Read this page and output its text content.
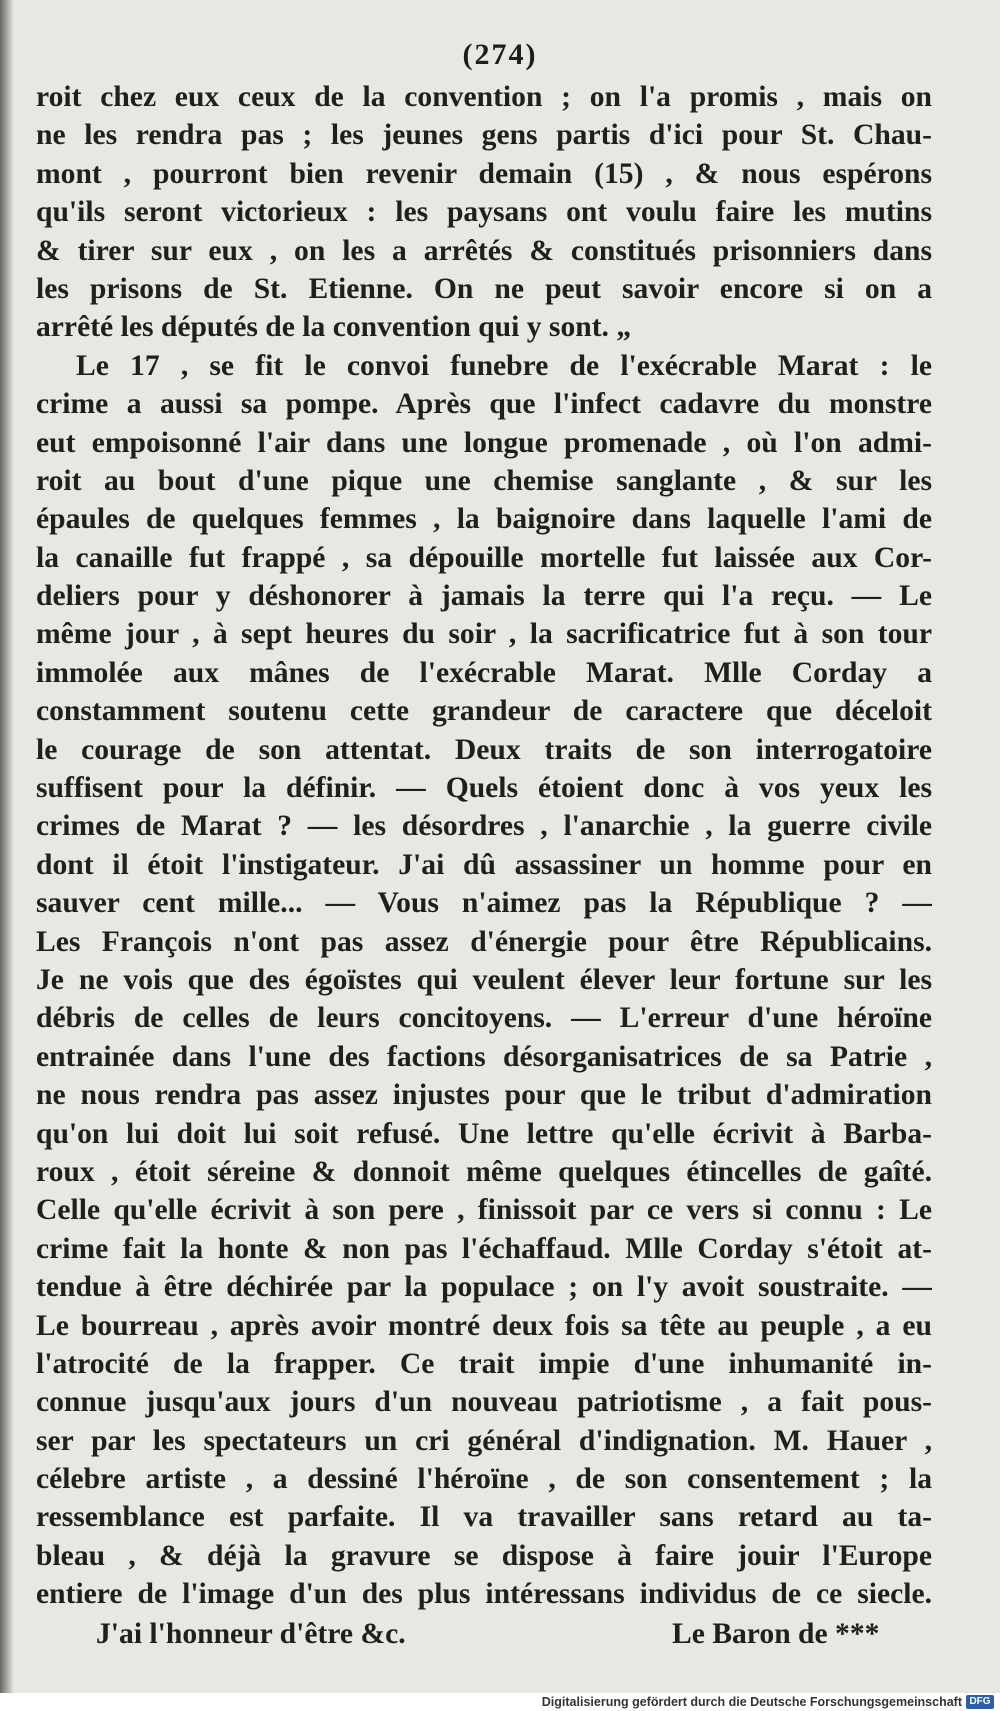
(274)
roit chez eux ceux de la convention ; on l'a promis , mais on
ne les rendra pas ; les jeunes gens partis d'ici pour St. Chau-
mont , pourront bien revenir demain (15) , & nous espérons
qu'ils seront victorieux : les paysans ont voulu faire les mutins
& tirer sur eux , on les a arrêtés & constitués prisonniers dans
les prisons de St. Etienne. On ne peut savoir encore si on a
arrêté les députés de la convention qui y sont. „
Le 17 , se fit le convoi funebre de l'exécrable Marat : le
crime a aussi sa pompe. Après que l'infect cadavre du monstre
eut empoisonné l'air dans une longue promenade , où l'on admi-
roit au bout d'une pique une chemise sanglante , & sur les
épaules de quelques femmes , la baignoire dans laquelle l'ami de
la canaille fut frappé , sa dépouille mortelle fut laissée aux Cor-
deliers pour y déshonorer à jamais la terre qui l'a reçu. — Le
même jour , à sept heures du soir , la sacrificatrice fut à son tour
immolée aux mânes de l'exécrable Marat. Mlle Corday a
constamment soutenu cette grandeur de caractere que déceloit
le courage de son attentat. Deux traits de son interrogatoire
suffisent pour la définir. — Quels étoient donc à vos yeux les
crimes de Marat ? — les désordres , l'anarchie , la guerre civile
dont il étoit l'instigateur. J'ai dû assassiner un homme pour en
sauver cent mille... — Vous n'aimez pas la République ? —
Les François n'ont pas assez d'énergie pour être Républicains.
Je ne vois que des égoïstes qui veulent élever leur fortune sur les
débris de celles de leurs concitoyens. — L'erreur d'une héroïne
entrainée dans l'une des factions désorganisatrices de sa Patrie ,
ne nous rendra pas assez injustes pour que le tribut d'admiration
qu'on lui doit lui soit refusé. Une lettre qu'elle écrivit à Barba-
roux , étoit séreine & donnoit même quelques étincelles de gaîté.
Celle qu'elle écrivit à son pere , finissoit par ce vers si connu : Le
crime fait la honte & non pas l'échaffaud. Mlle Corday s'étoit at-
tendue à être déchirée par la populace ; on l'y avoit soustraite. —
Le bourreau , après avoir montré deux fois sa tête au peuple , a eu
l'atrocité de la frapper. Ce trait impie d'une inhumanité in-
connue jusqu'aux jours d'un nouveau patriotisme , a fait pous-
ser par les spectateurs un cri général d'indignation. M. Hauer ,
célebre artiste , a dessiné l'héroïne , de son consentement ; la
ressemblance est parfaite. Il va travailler sans retard au ta-
bleau , & déjà la gravure se dispose à faire jouir l'Europe
entiere de l'image d'un des plus intéressans individus de ce siecle.
J'ai l'honneur d'être &c.	Le Baron de ***
Digitalisierung gefördert durch die Deutsche Forschungsgemeinschaft DFG
